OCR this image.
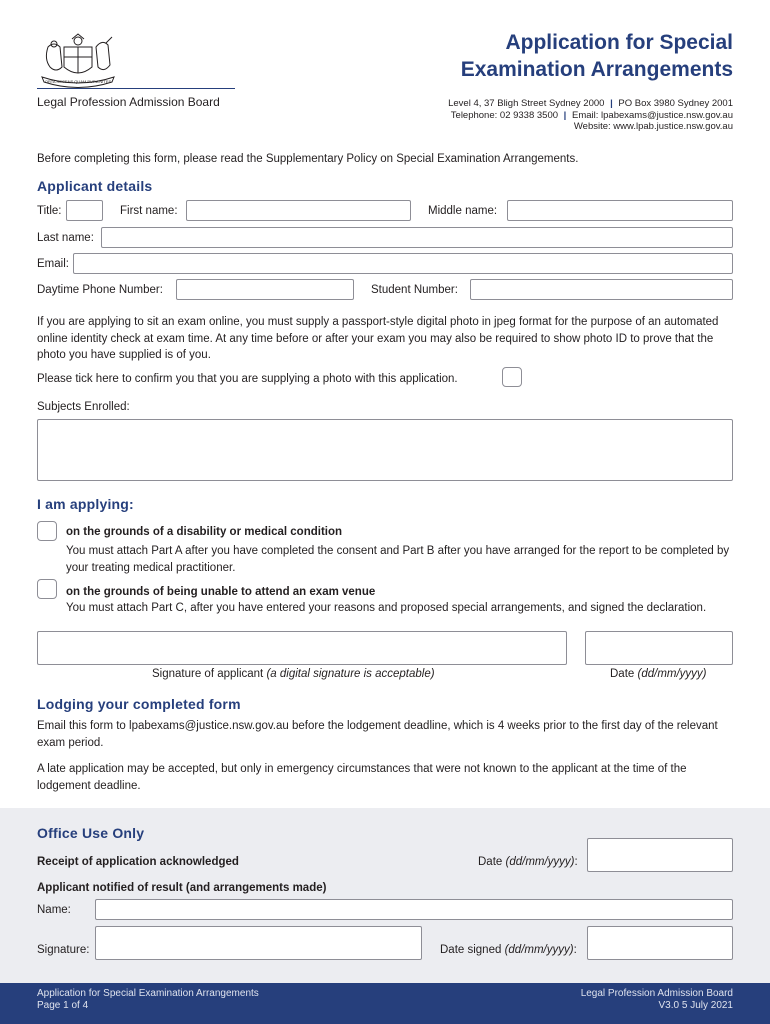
ORTA RECENS QUAM PURA NITES
Legal Profession Admission Board
Application for Special
Examination Arrangements
Level 4, 37 Bligh Street Sydney 2000 | PO Box 3980 Sydney 2001
Telephone: 02 9338 3500 | Email: lpabexams@justice.nsw.gov.au
Website: www.lpab.justice.nsw.gov.au
Before completing this form, please read the Supplementary Policy on Special Examination Arrangements.
Applicant details
Title:	First name:	Middle name:
Last name:
Email:
Daytime Phone Number:	Student Number:
If you are applying to sit an exam online, you must supply a passport-style digital photo in jpeg format for the purpose of an automated online identity check at exam time. At any time before or after your exam you may also be required to show photo ID to prove that the photo you have supplied is of you.
Please tick here to confirm you that you are supplying a photo with this application.
Subjects Enrolled:
I am applying:
on the grounds of a disability or medical condition
You must attach Part A after you have completed the consent and Part B after you have arranged for the report to be completed by your treating medical practitioner.
on the grounds of being unable to attend an exam venue
You must attach Part C, after you have entered your reasons and proposed special arrangements, and signed the declaration.
Signature of applicant (a digital signature is acceptable)	Date (dd/mm/yyyy)
Lodging your completed form
Email this form to lpabexams@justice.nsw.gov.au before the lodgement deadline, which is 4 weeks prior to the first day of the relevant exam period.
A late application may be accepted, but only in emergency circumstances that were not known to the applicant at the time of the lodgement deadline.
Office Use Only
Receipt of application acknowledged	Date (dd/mm/yyyy):
Applicant notified of result (and arrangements made)
Name:
Signature:	Date signed (dd/mm/yyyy):
Application for Special Examination Arrangements
Page 1 of 4
Legal Profession Admission Board
V3.0 5 July 2021
